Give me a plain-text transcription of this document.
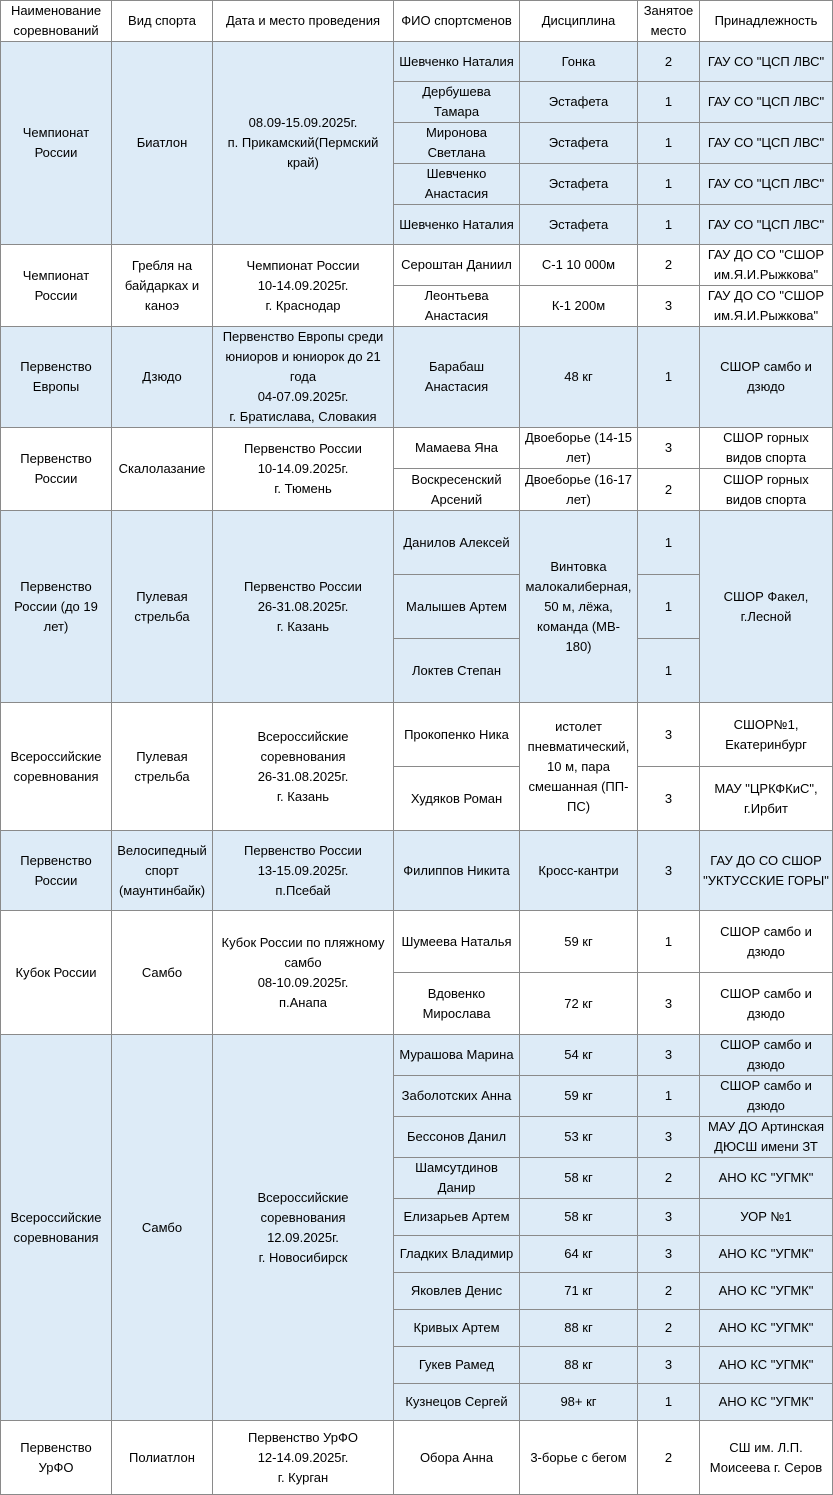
Наименование
соревнований	Вид спорта	Дата и место проведения	ФИО спортсменов	Дисциплина	Занятое
место	Принадлежность

Чемпионат
России	Биатлон	08.09-15.09.2025г.
п. Прикамский(Пермский
край)	Шевченко Наталия	Гонка	2	ГАУ СО "ЦСП ЛВС"

			Дербушева
Тамара	Эстафета	1	ГАУ СО "ЦСП ЛВС"

			Миронова
Светлана	Эстафета	1	ГАУ СО "ЦСП ЛВС"

			Шевченко
Анастасия	Эстафета	1	ГАУ СО "ЦСП ЛВС"

			Шевченко Наталия	Эстафета	1	ГАУ СО "ЦСП ЛВС"

Чемпионат
России	Гребля на
байдарках и
каноэ	Чемпионат России
10-14.09.2025г.
г. Краснодар	Сероштан Даниил	С-1 10 000м	2	ГАУ ДО СО "СШОР
им.Я.И.Рыжкова"

			Леонтьева
Анастасия	К-1 200м	3	ГАУ ДО СО "СШОР
им.Я.И.Рыжкова"

Первенство
Европы	Дзюдо	Первенство Европы среди
юниоров и юниорок до 21
года
04-07.09.2025г.
г. Братислава, Словакия	Барабаш
Анастасия	48 кг	1	СШОР самбо и
дзюдо

Первенство
России	Скалолазание	Первенство России
10-14.09.2025г.
г. Тюмень	Мамаева Яна	Двоеборье (14-15
лет)	3	СШОР горных
видов спорта

			Воскресенский
Арсений	Двоеборье (16-17
лет)	2	СШОР горных
видов спорта

Первенство
России (до 19
лет)	Пулевая
стрельба	Первенство России
26-31.08.2025г.
г. Казань	Данилов Алексей	Винтовка
малокалиберная,
50 м, лёжа,
команда (МВ-
180)	1	СШОР Факел,
г.Лесной

			Малышев Артем		1	

			Локтев Степан		1	

Всероссийские
соревнования	Пулевая
стрельба	Всероссийские
соревнования
26-31.08.2025г.
г. Казань	Прокопенко Ника	истолет
пневматический,
10 м, пара
смешанная (ПП-
ПС)	3	СШОР№1,
Екатеринбург

			Худяков Роман		3	МАУ "ЦРКФКиС",
г.Ирбит

Первенство
России	Велосипедный
спорт
(маунтинбайк)	Первенство России
13-15.09.2025г.
п.Псебай	Филиппов Никита	Кросс-кантри	3	ГАУ ДО СО СШОР
"УКТУССКИЕ ГОРЫ"

Кубок России	Самбо	Кубок России по пляжному
самбо
08-10.09.2025г.
п.Анапа	Шумеева Наталья	59 кг	1	СШОР самбо и
дзюдо

			Вдовенко
Мирослава	72 кг	3	СШОР самбо и
дзюдо

Всероссийские
соревнования	Самбо	Всероссийские
соревнования
12.09.2025г.
г. Новосибирск	Мурашова Марина	54 кг	3	СШОР самбо и
дзюдо

			Заболотских Анна	59 кг	1	СШОР самбо и
дзюдо

			Бессонов Данил	53 кг	3	МАУ ДО Артинская
ДЮСШ имени ЗТ

			Шамсутдинов
Данир	58 кг	2	АНО КС "УГМК"

			Елизарьев Артем	58 кг	3	УОР №1

			Гладких Владимир	64 кг	3	АНО КС "УГМК"

			Яковлев Денис	71 кг	2	АНО КС "УГМК"

			Кривых Артем	88 кг	2	АНО КС "УГМК"

			Гукев Рамед	88 кг	3	АНО КС "УГМК"

			Кузнецов Сергей	98+ кг	1	АНО КС "УГМК"

Первенство
УрФО	Полиатлон	Первенство УрФО
12-14.09.2025г.
г. Курган	Обора Анна	3-борье с бегом	2	СШ им. Л.П.
Моисеева г. Серов
